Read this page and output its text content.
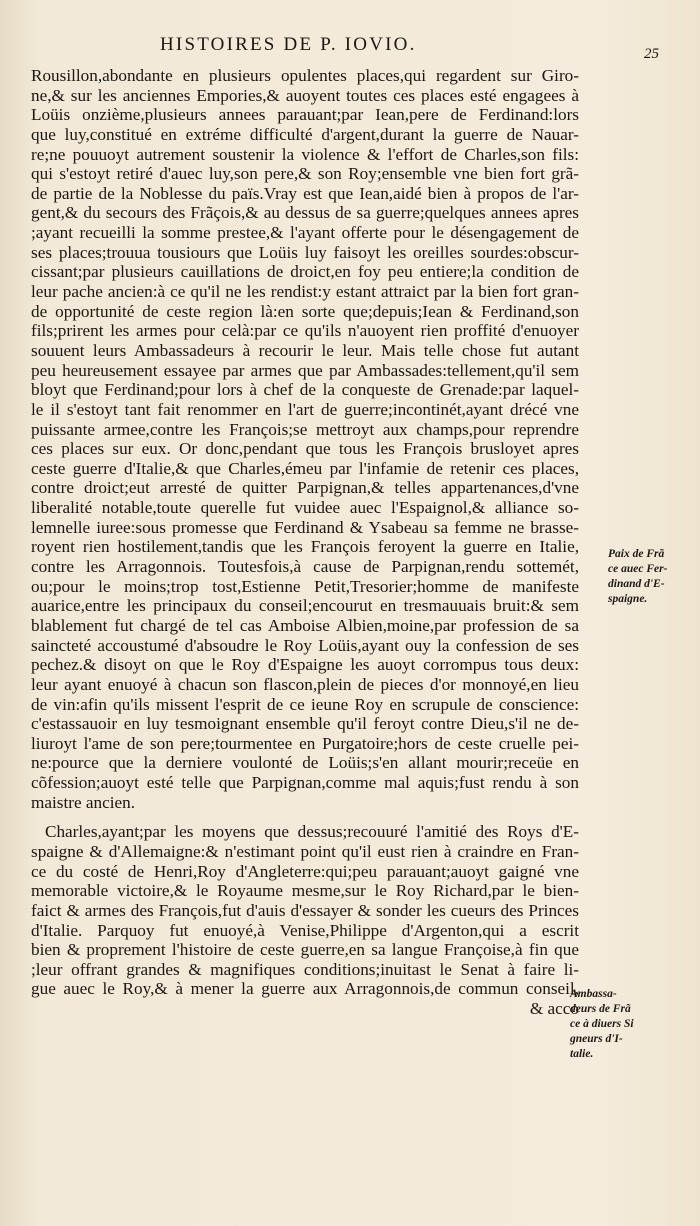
HISTOIRES DE P. IOVIO.	25
Rousillon,abondante en plusieurs opulentes places,qui regardent sur Giro-
ne,& sur les anciennes Empories,& auoyent toutes ces places esté engagees à
Loüis onzième,plusieurs annees parauant;par Iean,pere de Ferdinand:lors
que luy,constitué en extréme difficulté d'argent,durant la guerre de Nauar-
re;ne pouuoyt autrement soustenir la violence & l'effort de Charles,son fils:
qui s'estoyt retiré d'auec luy,son pere,& son Roy;ensemble vne bien fort grã-
de partie de la Noblesse du païs.Vray est que Iean,aidé bien à propos de l'ar-
gent,& du secours des Frãçois,& au dessus de sa guerre;quelques annees apres
;ayant recueilli la somme prestee,& l'ayant offerte pour le désengagement de
ses places;trouua tousiours que Loüis luy faisoyt les oreilles sourdes:obscur-
cissant;par plusieurs cauillations de droict,en foy peu entiere;la condition de
leur pache ancien:à ce qu'il ne les rendist:y estant attraict par la bien fort gran-
de opportunité de ceste region là:en sorte que;depuis;Iean & Ferdinand,son
fils;prirent les armes pour celà:par ce qu'ils n'auoyent rien proffité d'enuoyer
souuent leurs Ambassadeurs à recourir le leur. Mais telle chose fut autant
peu heureusement essayee par armes que par Ambassades:tellement,qu'il sem
bloyt que Ferdinand;pour lors à chef de la conqueste de Grenade:par laquel-
le il s'estoyt tant fait renommer en l'art de guerre;incontinét,ayant drécé vne
puissante armee,contre les François;se mettroyt aux champs,pour reprendre
ces places sur eux. Or donc,pendant que tous les François brusloyet apres
ceste guerre d'Italie,& que Charles,émeu par l'infamie de retenir ces places,
contre droict;eut arresté de quitter Parpignan,& telles appartenances,d'vne
liberalité notable,toute querelle fut vuidee auec l'Espaignol,& alliance so-
lemnelle iuree:sous promesse que Ferdinand & Ysabeau sa femme ne brasse-
royent rien hostilement,tandis que les François feroyent la guerre en Italie,
contre les Arragonnois. Toutesfois,à cause de Parpignan,rendu sottemét,
ou;pour le moins;trop tost,Estienne Petit,Tresorier;homme de manifeste
auarice,entre les principaux du conseil;encourut en tresmauuais bruit:& sem
blablement fut chargé de tel cas Amboise Albien,moine,par profession de sa
saincteté accoustumé d'absoudre le Roy Loüis,ayant ouy la confession de ses
pechez.& disoyt on que le Roy d'Espaigne les auoyt corrompus tous deux:
leur ayant enuoyé à chacun son flascon,plein de pieces d'or monnoyé,en lieu
de vin:afin qu'ils missent l'esprit de ce ieune Roy en scrupule de conscience:
c'estassauoir en luy tesmoignant ensemble qu'il feroyt contre Dieu,s'il ne de-
liuroyt l'ame de son pere;tourmentee en Purgatoire;hors de ceste cruelle pei-
ne:pource que la derniere voulonté de Loüis;s'en allant mourir;receüe en
cõfession;auoyt esté telle que Parpignan,comme mal aquis;fust rendu à son
maistre ancien.
Charles,ayant;par les moyens que dessus;recouuré l'amitié des Roys d'E-
spaigne & d'Allemaigne:& n'estimant point qu'il eust rien à craindre en Fran-
ce du costé de Henri,Roy d'Angleterre:qui;peu parauant;auoyt gaigné vne
memorable victoire,& le Royaume mesme,sur le Roy Richard,par le bien-
faict & armes des François,fut d'auis d'essayer & sonder les cueurs des Princes
d'Italie. Parquoy fut enuoyé,à Venise,Philippe d'Argenton,qui a escrit
bien & proprement l'histoire de ceste guerre,en sa langue Françoise,à fin que
;leur offrant grandes & magnifiques conditions;inuitast le Senat à faire li-
gue auec le Roy,& à mener la guerre aux Arragonnois,de commun conseil,
& acco
Paix de Frã
ce auec Fer-
dinand d'E-
spaigne.
Ambassa-
deurs de Frã
ce à diuers Si
gneurs d'I-
talie.
